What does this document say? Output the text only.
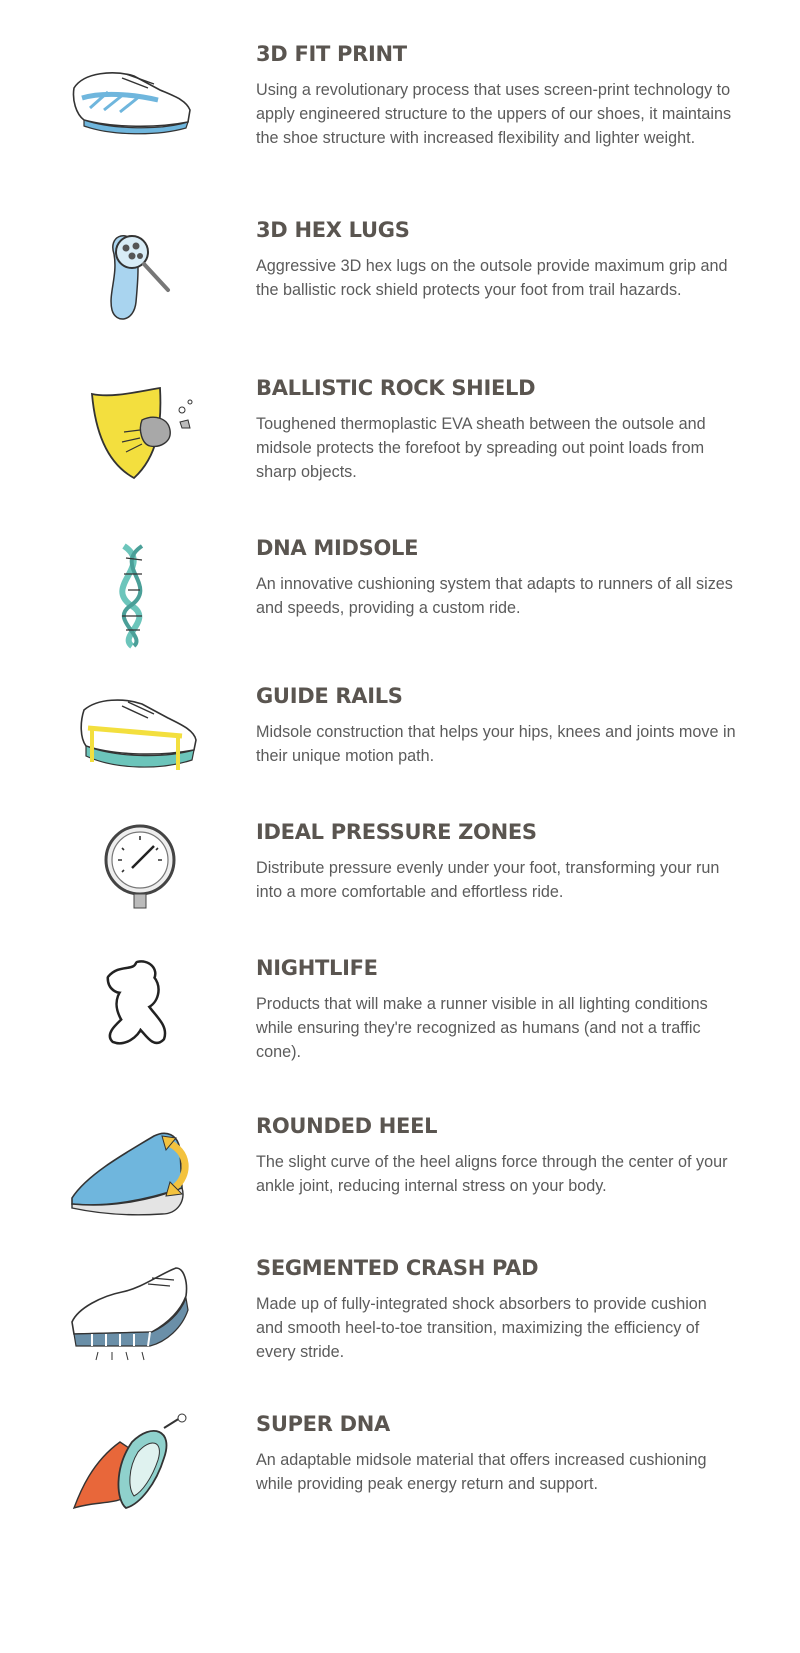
3D FIT PRINT

Using a revolutionary process that uses screen-print technology to apply engineered structure to the uppers of our shoes, it maintains the shoe structure with increased flexibility and lighter weight.

3D HEX LUGS

Aggressive 3D hex lugs on the outsole provide maximum grip and the ballistic rock shield protects your foot from trail hazards.

BALLISTIC ROCK SHIELD

Toughened thermoplastic EVA sheath between the outsole and midsole protects the forefoot by spreading out point loads from sharp objects.

DNA MIDSOLE

An innovative cushioning system that adapts to runners of all sizes and speeds, providing a custom ride.

GUIDE RAILS

Midsole construction that helps your hips, knees and joints move in their unique motion path.

IDEAL PRESSURE ZONES

Distribute pressure evenly under your foot, transforming your run into a more comfortable and effortless ride.

NIGHTLIFE

Products that will make a runner visible in all lighting conditions while ensuring they're recognized as humans (and not a traffic cone).

ROUNDED HEEL

The slight curve of the heel aligns force through the center of your ankle joint, reducing internal stress on your body.

SEGMENTED CRASH PAD

Made up of fully-integrated shock absorbers to provide cushion and smooth heel-to-toe transition, maximizing the efficiency of every stride.

SUPER DNA

An adaptable midsole material that offers increased cushioning while providing peak energy return and support.
